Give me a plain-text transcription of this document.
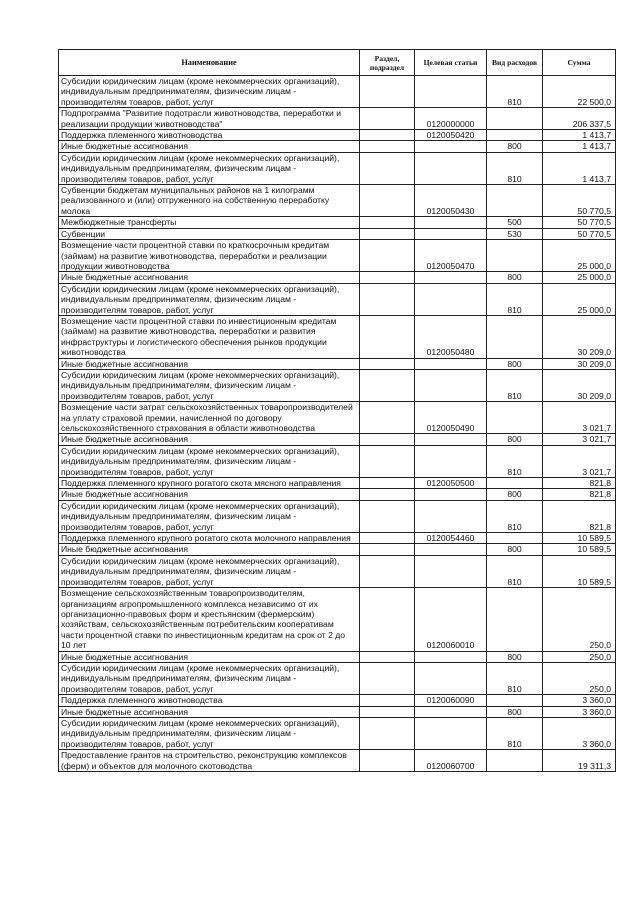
Наименование	Раздел, подраздел	Целевая статьи	Вид расходов	Сумма
Субсидии юридическим лицам (кроме некоммерческих организаций), индивидуальным предпринимателям, физическим лицам - производителям товаров, работ, услуг			810	22 500,0
Подпрограмма "Развитие подотрасли животноводства, переработки и реализации продукции животноводства"		0120000000		206 337,5
Поддержка племенного животноводства		0120050420		1 413,7
Иные бюджетные ассигнования			800	1 413,7
Субсидии юридическим лицам (кроме некоммерческих организаций), индивидуальным предпринимателям, физическим лицам - производителям товаров, работ, услуг			810	1 413,7
Субвенции бюджетам муниципальных районов на 1 килограмм реализованного и (или) отгруженного на собственную переработку молока		0120050430		50 770,5
Межбюджетные трансферты			500	50 770,5
Субвенции			530	50 770,5
Возмещение части процентной ставки по краткосрочным кредитам (займам) на развитие животноводства, переработки и реализации продукции животноводства		0120050470		25 000,0
Иные бюджетные ассигнования			800	25 000,0
Субсидии юридическим лицам (кроме некоммерческих организаций), индивидуальным предпринимателям, физическим лицам - производителям товаров, работ, услуг			810	25 000,0
Возмещение части процентной ставки по инвестиционным кредитам (займам) на развитие животноводства, переработки и развития инфраструктуры и логистического обеспечения рынков продукции животноводства		0120050480		30 209,0
Иные бюджетные ассигнования			800	30 209,0
Субсидии юридическим лицам (кроме некоммерческих организаций), индивидуальным предпринимателям, физическим лицам - производителям товаров, работ, услуг			810	30 209,0
Возмещение части затрат сельскохозяйственных товаропроизводителей на уплату страховой премии, начисленной по договору сельскохозяйственного страхования в области животноводства		0120050490		3 021,7
Иные бюджетные ассигнования			800	3 021,7
Субсидии юридическим лицам (кроме некоммерческих организаций), индивидуальным предпринимателям, физическим лицам - производителям товаров, работ, услуг			810	3 021,7
Поддержка племенного крупного рогатого скота мясного направления		0120050500		821,8
Иные бюджетные ассигнования			800	821,8
Субсидии юридическим лицам (кроме некоммерческих организаций), индивидуальным предпринимателям, физическим лицам - производителям товаров, работ, услуг			810	821,8
Поддержка племенного крупного рогатого скота молочного направления		0120054460		10 589,5
Иные бюджетные ассигнования			800	10 589,5
Субсидии юридическим лицам (кроме некоммерческих организаций), индивидуальным предпринимателям, физическим лицам - производителям товаров, работ, услуг			810	10 589,5
Возмещение сельскохозяйственным товаропроизводителям, организациям агропромышленного комплекса независимо от их организационно-правовых форм и крестьянским (фермерским) хозяйствам, сельскохозяйственным потребительским кооперативам части процентной ставки по инвестиционным кредитам на срок от 2 до 10 лет		0120060010		250,0
Иные бюджетные ассигнования			800	250,0
Субсидии юридическим лицам (кроме некоммерческих организаций), индивидуальным предпринимателям, физическим лицам - производителям товаров, работ, услуг			810	250,0
Поддержка племенного животноводства		0120060090		3 360,0
Иные бюджетные ассигнования			800	3 360,0
Субсидии юридическим лицам (кроме некоммерческих организаций), индивидуальным предпринимателям, физическим лицам - производителям товаров, работ, услуг			810	3 360,0
Предоставление грантов на строительство, реконструкцию комплексов (ферм) и объектов для молочного скотоводства		0120060700		19 311,3
